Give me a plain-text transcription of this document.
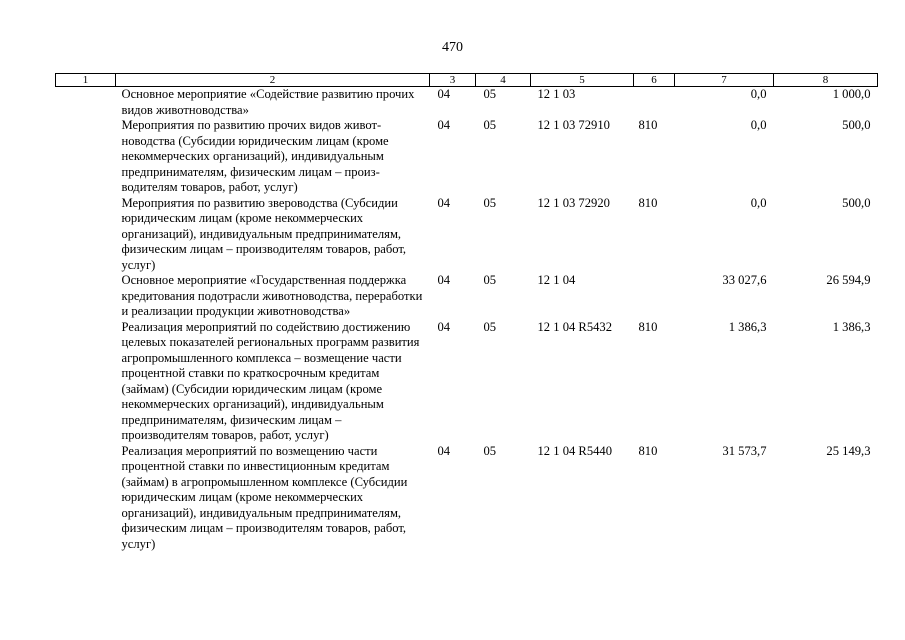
470
1	2	3	4	5	6	7	8
	Основное мероприятие «Содействие развитию прочих видов животноводства»	04	05	12 1 03		0,0	1 000,0
	Мероприятия по развитию прочих видов животноводства (Субсидии юридическим лицам (кроме некоммерческих организаций), индивидуальным предпринимателям, физическим лицам – производителям товаров, работ, услуг)	04	05	12 1 03 72910	810	0,0	500,0
	Мероприятия по развитию звероводства (Субсидии юридическим лицам (кроме некоммерческих организаций), индивидуальным предпринимателям, физическим лицам – производителям товаров, работ, услуг)	04	05	12 1 03 72920	810	0,0	500,0
	Основное мероприятие «Государственная поддержка кредитования подотрасли животноводства, переработки и реализации продукции животноводства»	04	05	12 1 04		33 027,6	26 594,9
	Реализация мероприятий по содействию достижению целевых показателей региональных программ развития агропромышленного комплекса – возмещение части процентной ставки по краткосрочным кредитам (займам) (Субсидии юридическим лицам (кроме некоммерческих организаций), индивидуальным предпринимателям, физическим лицам – производителям товаров, работ, услуг)	04	05	12 1 04 R5432	810	1 386,3	1 386,3
	Реализация мероприятий по возмещению части процентной ставки по инвестиционным кредитам (займам) в агропромышленном комплексе (Субсидии юридическим лицам (кроме некоммерческих организаций), индивидуальным предпринимателям, физическим лицам – производителям товаров, работ, услуг)	04	05	12 1 04 R5440	810	31 573,7	25 149,3
